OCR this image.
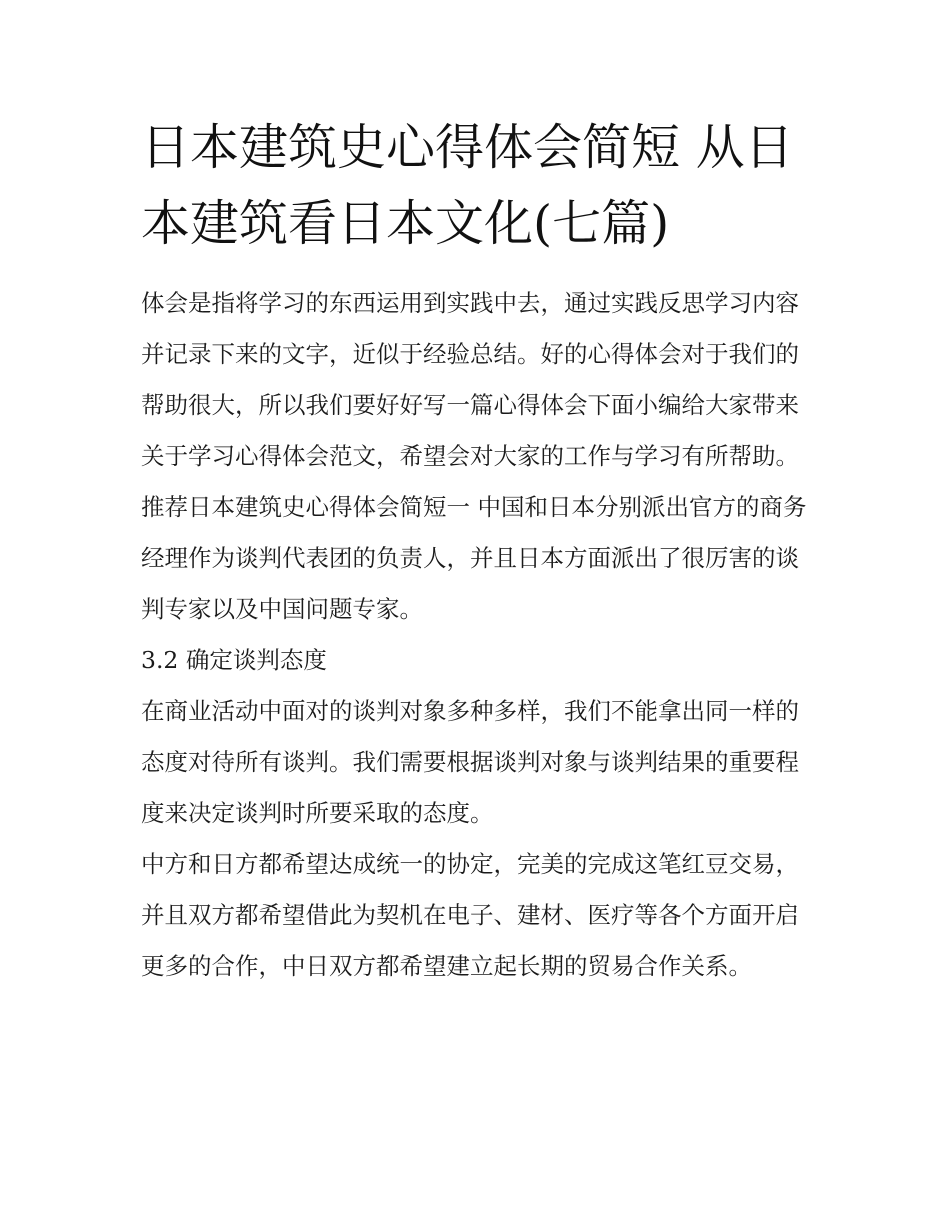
日本建筑史心得体会简短 从日本建筑看日本文化(七篇)

体会是指将学习的东西运用到实践中去，通过实践反思学习内容并记录下来的文字，近似于经验总结。好的心得体会对于我们的帮助很大，所以我们要好好写一篇心得体会下面小编给大家带来关于学习心得体会范文，希望会对大家的工作与学习有所帮助。

推荐日本建筑史心得体会简短一 中国和日本分别派出官方的商务经理作为谈判代表团的负责人，并且日本方面派出了很厉害的谈判专家以及中国问题专家。

3.2 确定谈判态度

在商业活动中面对的谈判对象多种多样，我们不能拿出同一样的态度对待所有谈判。我们需要根据谈判对象与谈判结果的重要程度来决定谈判时所要采取的态度。

中方和日方都希望达成统一的协定，完美的完成这笔红豆交易，并且双方都希望借此为契机在电子、建材、医疗等各个方面开启更多的合作，中日双方都希望建立起长期的贸易合作关系。
